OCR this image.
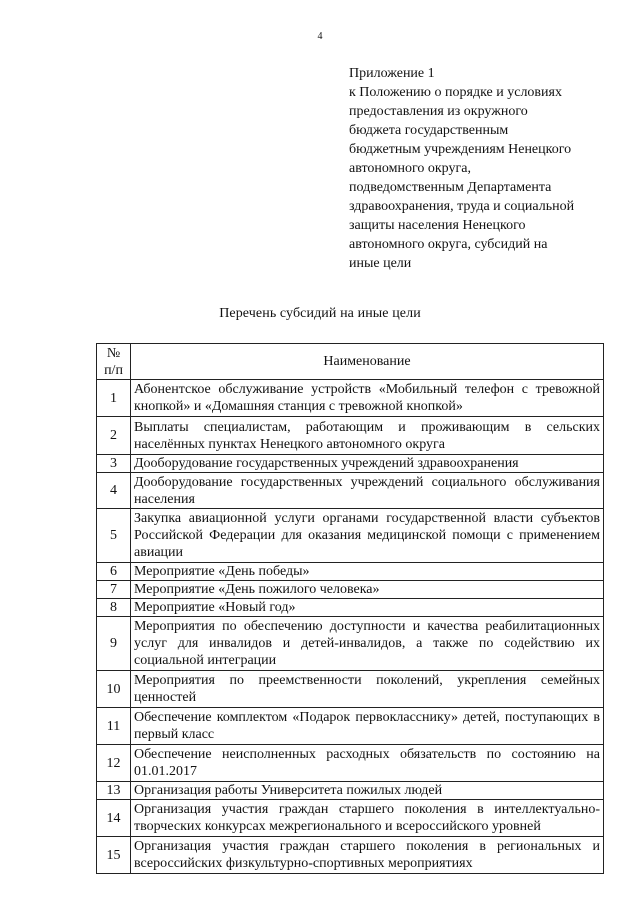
4
Приложение 1
к Положению о порядке и условиях
предоставления из окружного
бюджета государственным
бюджетным учреждениям Ненецкого
автономного округа,
подведомственным Департамента
здравоохранения, труда и социальной
защиты населения Ненецкого
автономного округа, субсидий на
иные цели
Перечень субсидий на иные цели
№ п/п	Наименование
1	Абонентское обслуживание устройств «Мобильный телефон с тревожной кнопкой» и «Домашняя станция с тревожной кнопкой»
2	Выплаты специалистам, работающим и проживающим в сельских населённых пунктах Ненецкого автономного округа
3	Дооборудование государственных учреждений здравоохранения
4	Дооборудование государственных учреждений социального обслуживания населения
5	Закупка авиационной услуги органами государственной власти субъектов Российской Федерации для оказания медицинской помощи с применением авиации
6	Мероприятие «День победы»
7	Мероприятие «День пожилого человека»
8	Мероприятие «Новый год»
9	Мероприятия по обеспечению доступности и качества реабилитационных услуг для инвалидов и детей-инвалидов, а также по содействию их социальной интеграции
10	Мероприятия по преемственности поколений, укрепления семейных ценностей
11	Обеспечение комплектом «Подарок первокласснику» детей, поступающих в первый класс
12	Обеспечение неисполненных расходных обязательств по состоянию на 01.01.2017
13	Организация работы Университета пожилых людей
14	Организация участия граждан старшего поколения в интеллектуально-творческих конкурсах межрегионального и всероссийского уровней
15	Организация участия граждан старшего поколения в региональных и всероссийских физкультурно-спортивных мероприятиях
